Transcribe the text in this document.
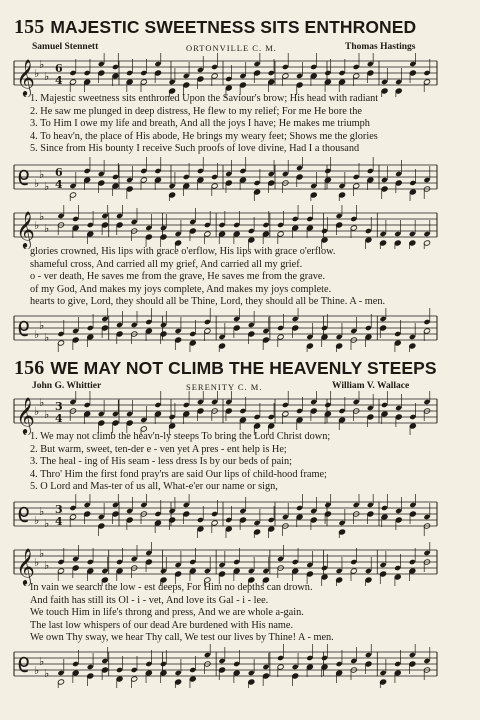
155 MAJESTIC SWEETNESS SITS ENTHRONED
Samuel Stennett	ORTONVILLE C. M.	Thomas Hastings
𝄞 ♭
♭
♭
6
4
1. Majestic sweetness sits enthroned Upon the Saviour's brow; His head with radiant
2. He saw me plunged in deep distress, He flew to my relief; For me He bore the
3. To Him I owe my life and breath, And all the joys I have; He makes me triumph
4. To heav'n, the place of His abode, He brings my weary feet; Shows me the glories
5. Since from His bounty I receive Such proofs of love divine, Had I a thousand
9 ♭
♭
♭
6
4
𝄞 ♭
♭
♭
glories crowned, His lips with grace o'erflow, His lips with grace o'erflow.
shameful cross, And carried all my grief, And carried all my grief.
o - ver death, He saves me from the grave, He saves me from the grave.
of my God, And makes my joys complete, And makes my joys complete.
hearts to give, Lord, they should all be Thine, Lord, they should all be Thine. A - men.
9 ♭
♭
♭
156 WE MAY NOT CLIMB THE HEAVENLY STEEPS
John G. Whittier	SERENITY C. M.	William V. Wallace
𝄞 ♭
♭
♭
3
4
1. We may not climb the heav'n-ly steeps To bring the Lord Christ down;
2. But warm, sweet, ten-der e - ven yet A pres - ent help is He;
3. The heal - ing of His seam - less dress Is by our beds of pain;
4. Thro' Him the first fond pray'rs are said Our lips of child-hood frame;
5. O Lord and Mas-ter of us all, What-e'er our name or sign,
9 ♭
♭
♭
3
4
𝄞 ♭
♭
♭
In vain we search the low - est deeps, For Him no depths can drown.
And faith has still its Ol - i - vet, And love its Gal - i - lee.
We touch Him in life's throng and press, And we are whole a-gain.
The last low whispers of our dead Are burdened with His name.
We own Thy sway, we hear Thy call, We test our lives by Thine! A - men.
9 ♭
♭
♭
